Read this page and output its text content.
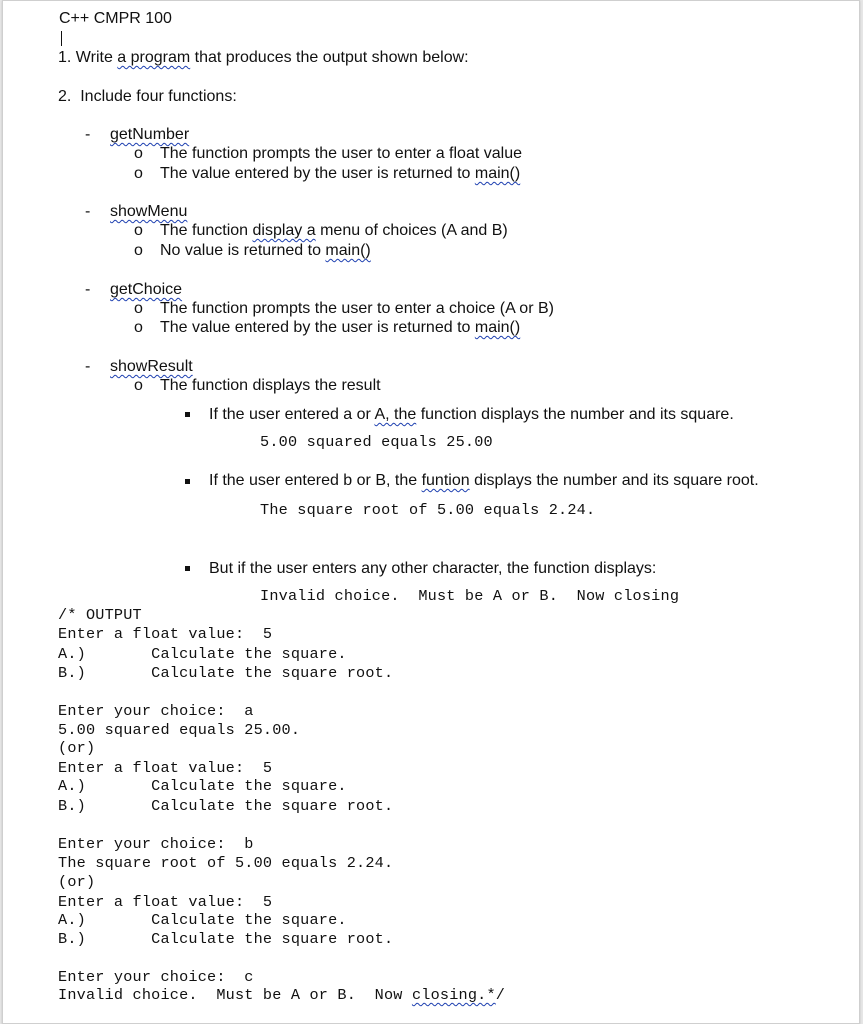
C++ CMPR 100
1. Write a program that produces the output shown below:
2.  Include four functions:
- getNumber
o The function prompts the user to enter a float value
o The value entered by the user is returned to main()
- showMenu
o The function display a menu of choices (A and B)
o No value is returned to main()
- getChoice
o The function prompts the user to enter a choice (A or B)
o The value entered by the user is returned to main()
- showResult
o The function displays the result
If the user entered a or A, the function displays the number and its square.
5.00 squared equals 25.00
If the user entered b or B, the funtion displays the number and its square root.
The square root of 5.00 equals 2.24.
But if the user enters any other character, the function displays:
Invalid choice.  Must be A or B.  Now closing
/* OUTPUT
Enter a float value:  5
A.)       Calculate the square.
B.)       Calculate the square root.
Enter your choice:  a
5.00 squared equals 25.00.
(or)
Enter a float value:  5
A.)       Calculate the square.
B.)       Calculate the square root.
Enter your choice:  b
The square root of 5.00 equals 2.24.
(or)
Enter a float value:  5
A.)       Calculate the square.
B.)       Calculate the square root.
Enter your choice:  c
Invalid choice.  Must be A or B.  Now closing.*/
